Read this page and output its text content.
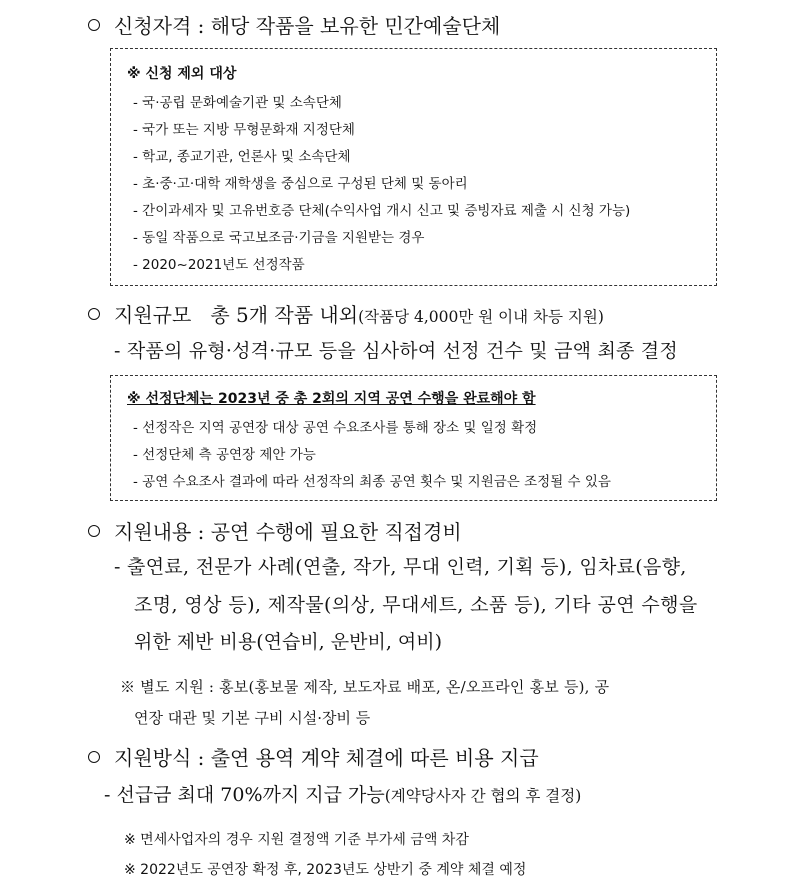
신청자격 : 해당 작품을 보유한 민간예술단체
※ 신청 제외 대상
- 국·공립 문화예술기관 및 소속단체
- 국가 또는 지방 무형문화재 지정단체
- 학교, 종교기관, 언론사 및 소속단체
- 초·중·고·대학 재학생을 중심으로 구성된 단체 및 동아리
- 간이과세자 및 고유번호증 단체(수익사업 개시 신고 및 증빙자료 제출 시 신청 가능)
- 동일 작품으로 국고보조금·기금을 지원받는 경우
- 2020~2021년도 선정작품
지원규모   총 5개 작품 내외(작품당 4,000만 원 이내 차등 지원)
- 작품의 유형·성격·규모 등을 심사하여 선정 건수 및 금액 최종 결정
※ 선정단체는 2023년 중 총 2회의 지역 공연 수행을 완료해야 함
- 선정작은 지역 공연장 대상 공연 수요조사를 통해 장소 및 일정 확정
- 선정단체 측 공연장 제안 가능
- 공연 수요조사 결과에 따라 선정작의 최종 공연 횟수 및 지원금은 조정될 수 있음
지원내용 : 공연 수행에 필요한 직접경비
- 출연료, 전문가 사례(연출, 작가, 무대 인력, 기획 등), 임차료(음향,
조명, 영상 등), 제작물(의상, 무대세트, 소품 등), 기타 공연 수행을
위한 제반 비용(연습비, 운반비, 여비)
※ 별도 지원 : 홍보(홍보물 제작, 보도자료 배포, 온/오프라인 홍보 등), 공
연장 대관 및 기본 구비 시설·장비 등
지원방식 : 출연 용역 계약 체결에 따른 비용 지급
- 선급금 최대 70%까지 지급 가능(계약당사자 간 협의 후 결정)
※ 면세사업자의 경우 지원 결정액 기준 부가세 금액 차감
※ 2022년도 공연장 확정 후, 2023년도 상반기 중 계약 체결 예정
